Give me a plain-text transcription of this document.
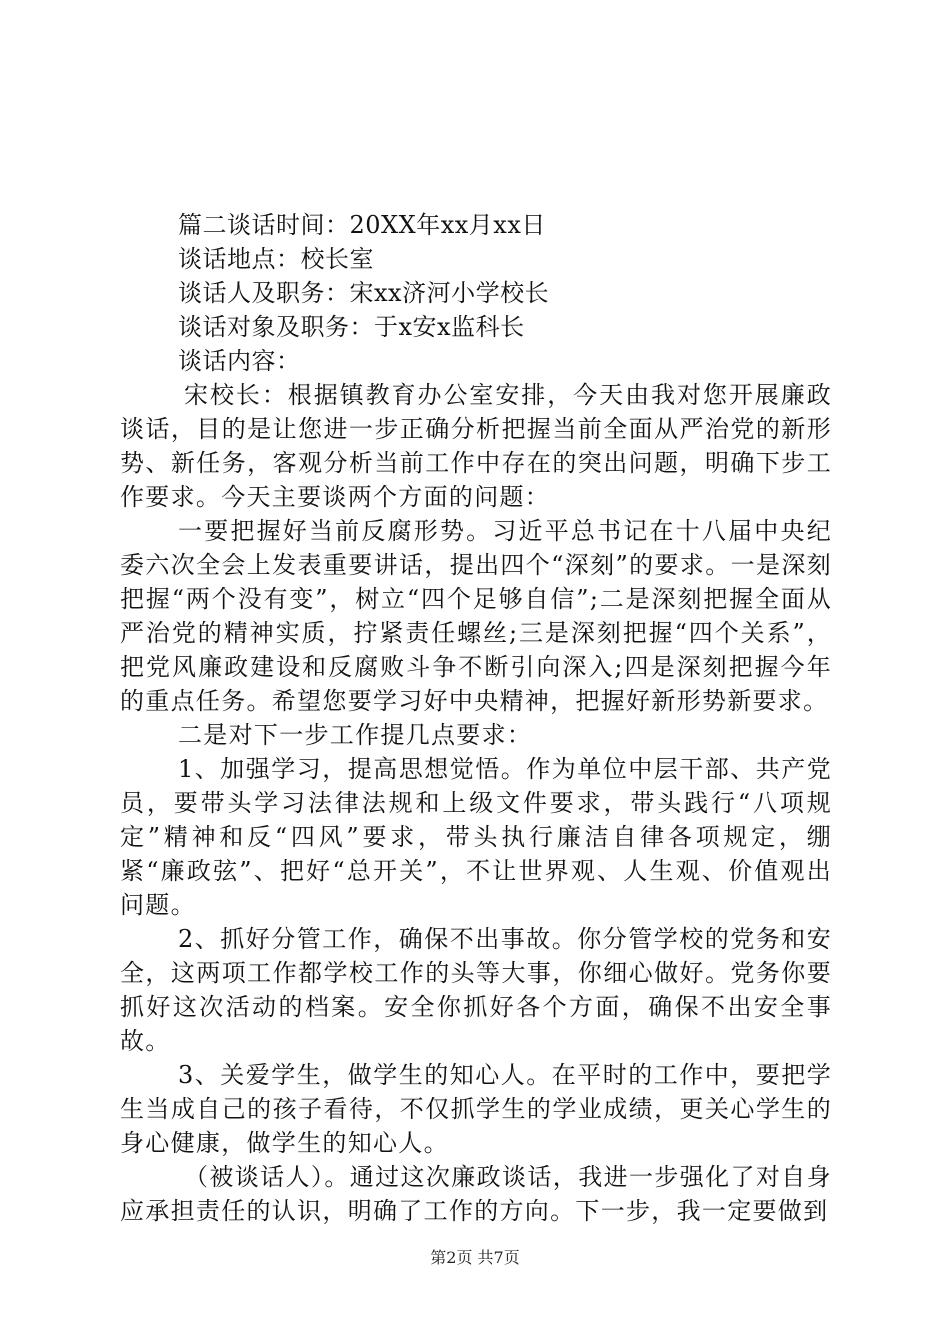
篇二谈话时间：20XX年xx月xx日
谈话地点：校长室
谈话人及职务：宋xx济河小学校长
谈话对象及职务：于x安x监科长
谈话内容：

宋校长：根据镇教育办公室安排，今天由我对您开展廉政谈话，目的是让您进一步正确分析把握当前全面从严治党的新形势、新任务，客观分析当前工作中存在的突出问题，明确下步工作要求。今天主要谈两个方面的问题：

一要把握好当前反腐形势。习近平总书记在十八届中央纪委六次全会上发表重要讲话，提出四个“深刻”的要求。一是深刻把握“两个没有变”，树立“四个足够自信”;二是深刻把握全面从严治党的精神实质，拧紧责任螺丝;三是深刻把握“四个关系”，把党风廉政建设和反腐败斗争不断引向深入;四是深刻把握今年的重点任务。希望您要学习好中央精神，把握好新形势新要求。

二是对下一步工作提几点要求：

1、加强学习，提高思想觉悟。作为单位中层干部、共产党员，要带头学习法律法规和上级文件要求，带头践行“八项规定”精神和反“四风”要求，带头执行廉洁自律各项规定，绷紧“廉政弦”、把好“总开关”，不让世界观、人生观、价值观出问题。

2、抓好分管工作，确保不出事故。你分管学校的党务和安全，这两项工作都学校工作的头等大事，你细心做好。党务你要抓好这次活动的档案。安全你抓好各个方面，确保不出安全事故。

3、关爱学生，做学生的知心人。在平时的工作中，要把学生当成自己的孩子看待，不仅抓学生的学业成绩，更关心学生的身心健康，做学生的知心人。

（被谈话人）。通过这次廉政谈话，我进一步强化了对自身应承担责任的认识，明确了工作的方向。下一步，我一定要做到

第2页 共7页
